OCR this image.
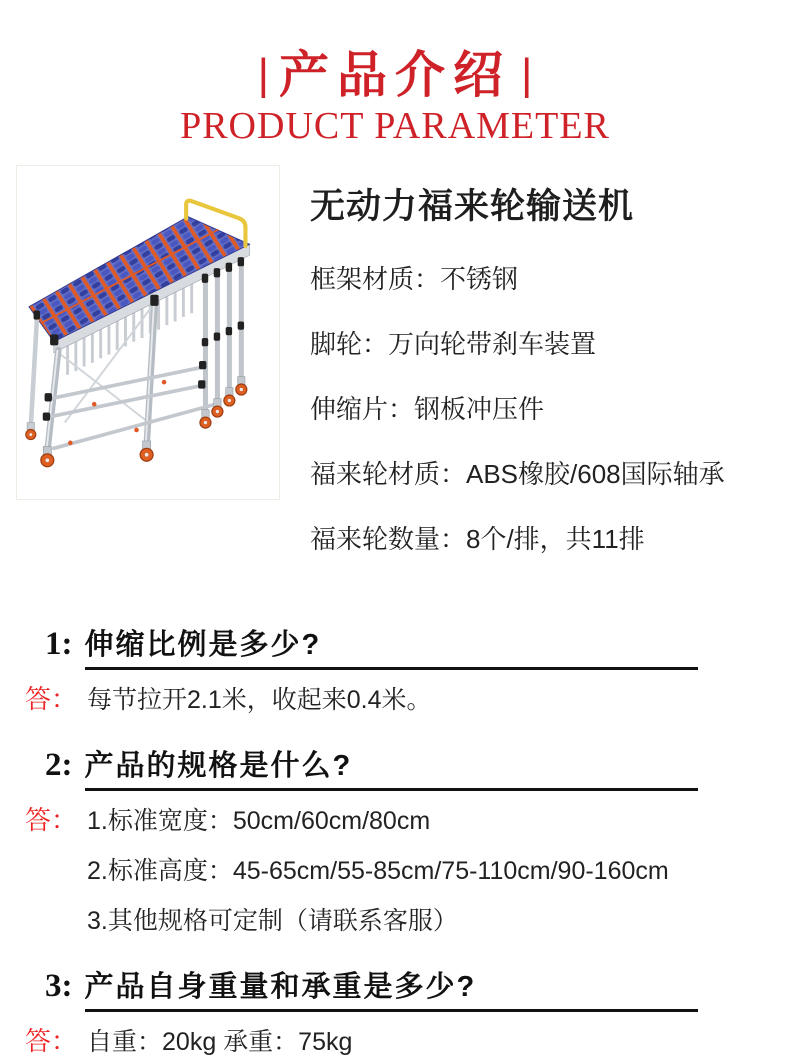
| 产品介绍 |
PRODUCT PARAMETER
无动力福来轮输送机
框架材质：不锈钢
脚轮：万向轮带刹车装置
伸缩片：钢板冲压件
福来轮材质：ABS橡胶/608国际轴承
福来轮数量：8个/排，共11排
1: 伸缩比例是多少?
答： 每节拉开2.1米，收起来0.4米。
2: 产品的规格是什么?
答： 1.标准宽度：50cm/60cm/80cm
2.标准高度：45-65cm/55-85cm/75-110cm/90-160cm
3.其他规格可定制（请联系客服）
3: 产品自身重量和承重是多少?
答： 自重：20kg 承重：75kg
